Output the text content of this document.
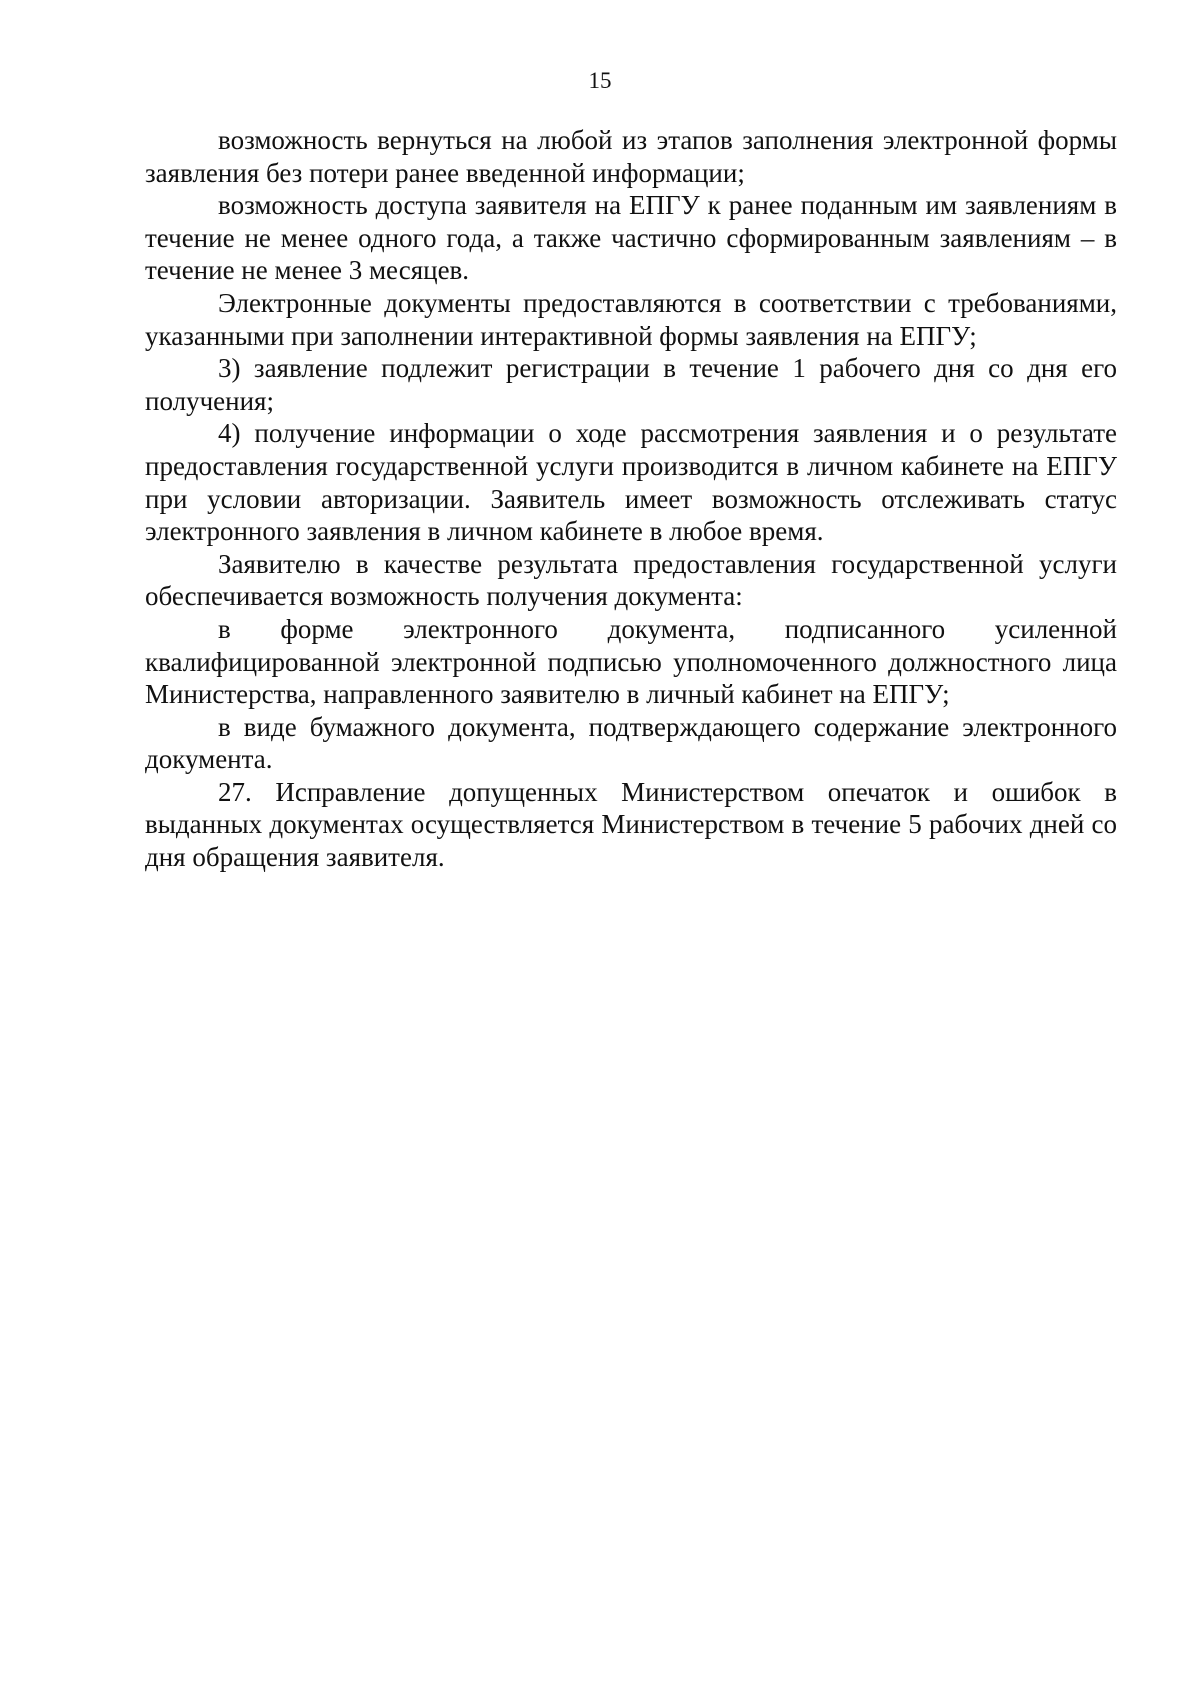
15

возможность вернуться на любой из этапов заполнения электронной формы заявления без потери ранее введенной информации;

возможность доступа заявителя на ЕПГУ к ранее поданным им заявлениям в течение не менее одного года, а также частично сформированным заявлениям – в течение не менее 3 месяцев.

Электронные документы предоставляются в соответствии с требованиями, указанными при заполнении интерактивной формы заявления на ЕПГУ;

3) заявление подлежит регистрации в течение 1 рабочего дня со дня его получения;

4) получение информации о ходе рассмотрения заявления и о результате предоставления государственной услуги производится в личном кабинете на ЕПГУ при условии авторизации. Заявитель имеет возможность отслеживать статус электронного заявления в личном кабинете в любое время.

Заявителю в качестве результата предоставления государственной услуги обеспечивается возможность получения документа:

в форме электронного документа, подписанного усиленной квалифицированной электронной подписью уполномоченного должностного лица Министерства, направленного заявителю в личный кабинет на ЕПГУ;

в виде бумажного документа, подтверждающего содержание электронного документа.

27. Исправление допущенных Министерством опечаток и ошибок в выданных документах осуществляется Министерством в течение 5 рабочих дней со дня обращения заявителя.
